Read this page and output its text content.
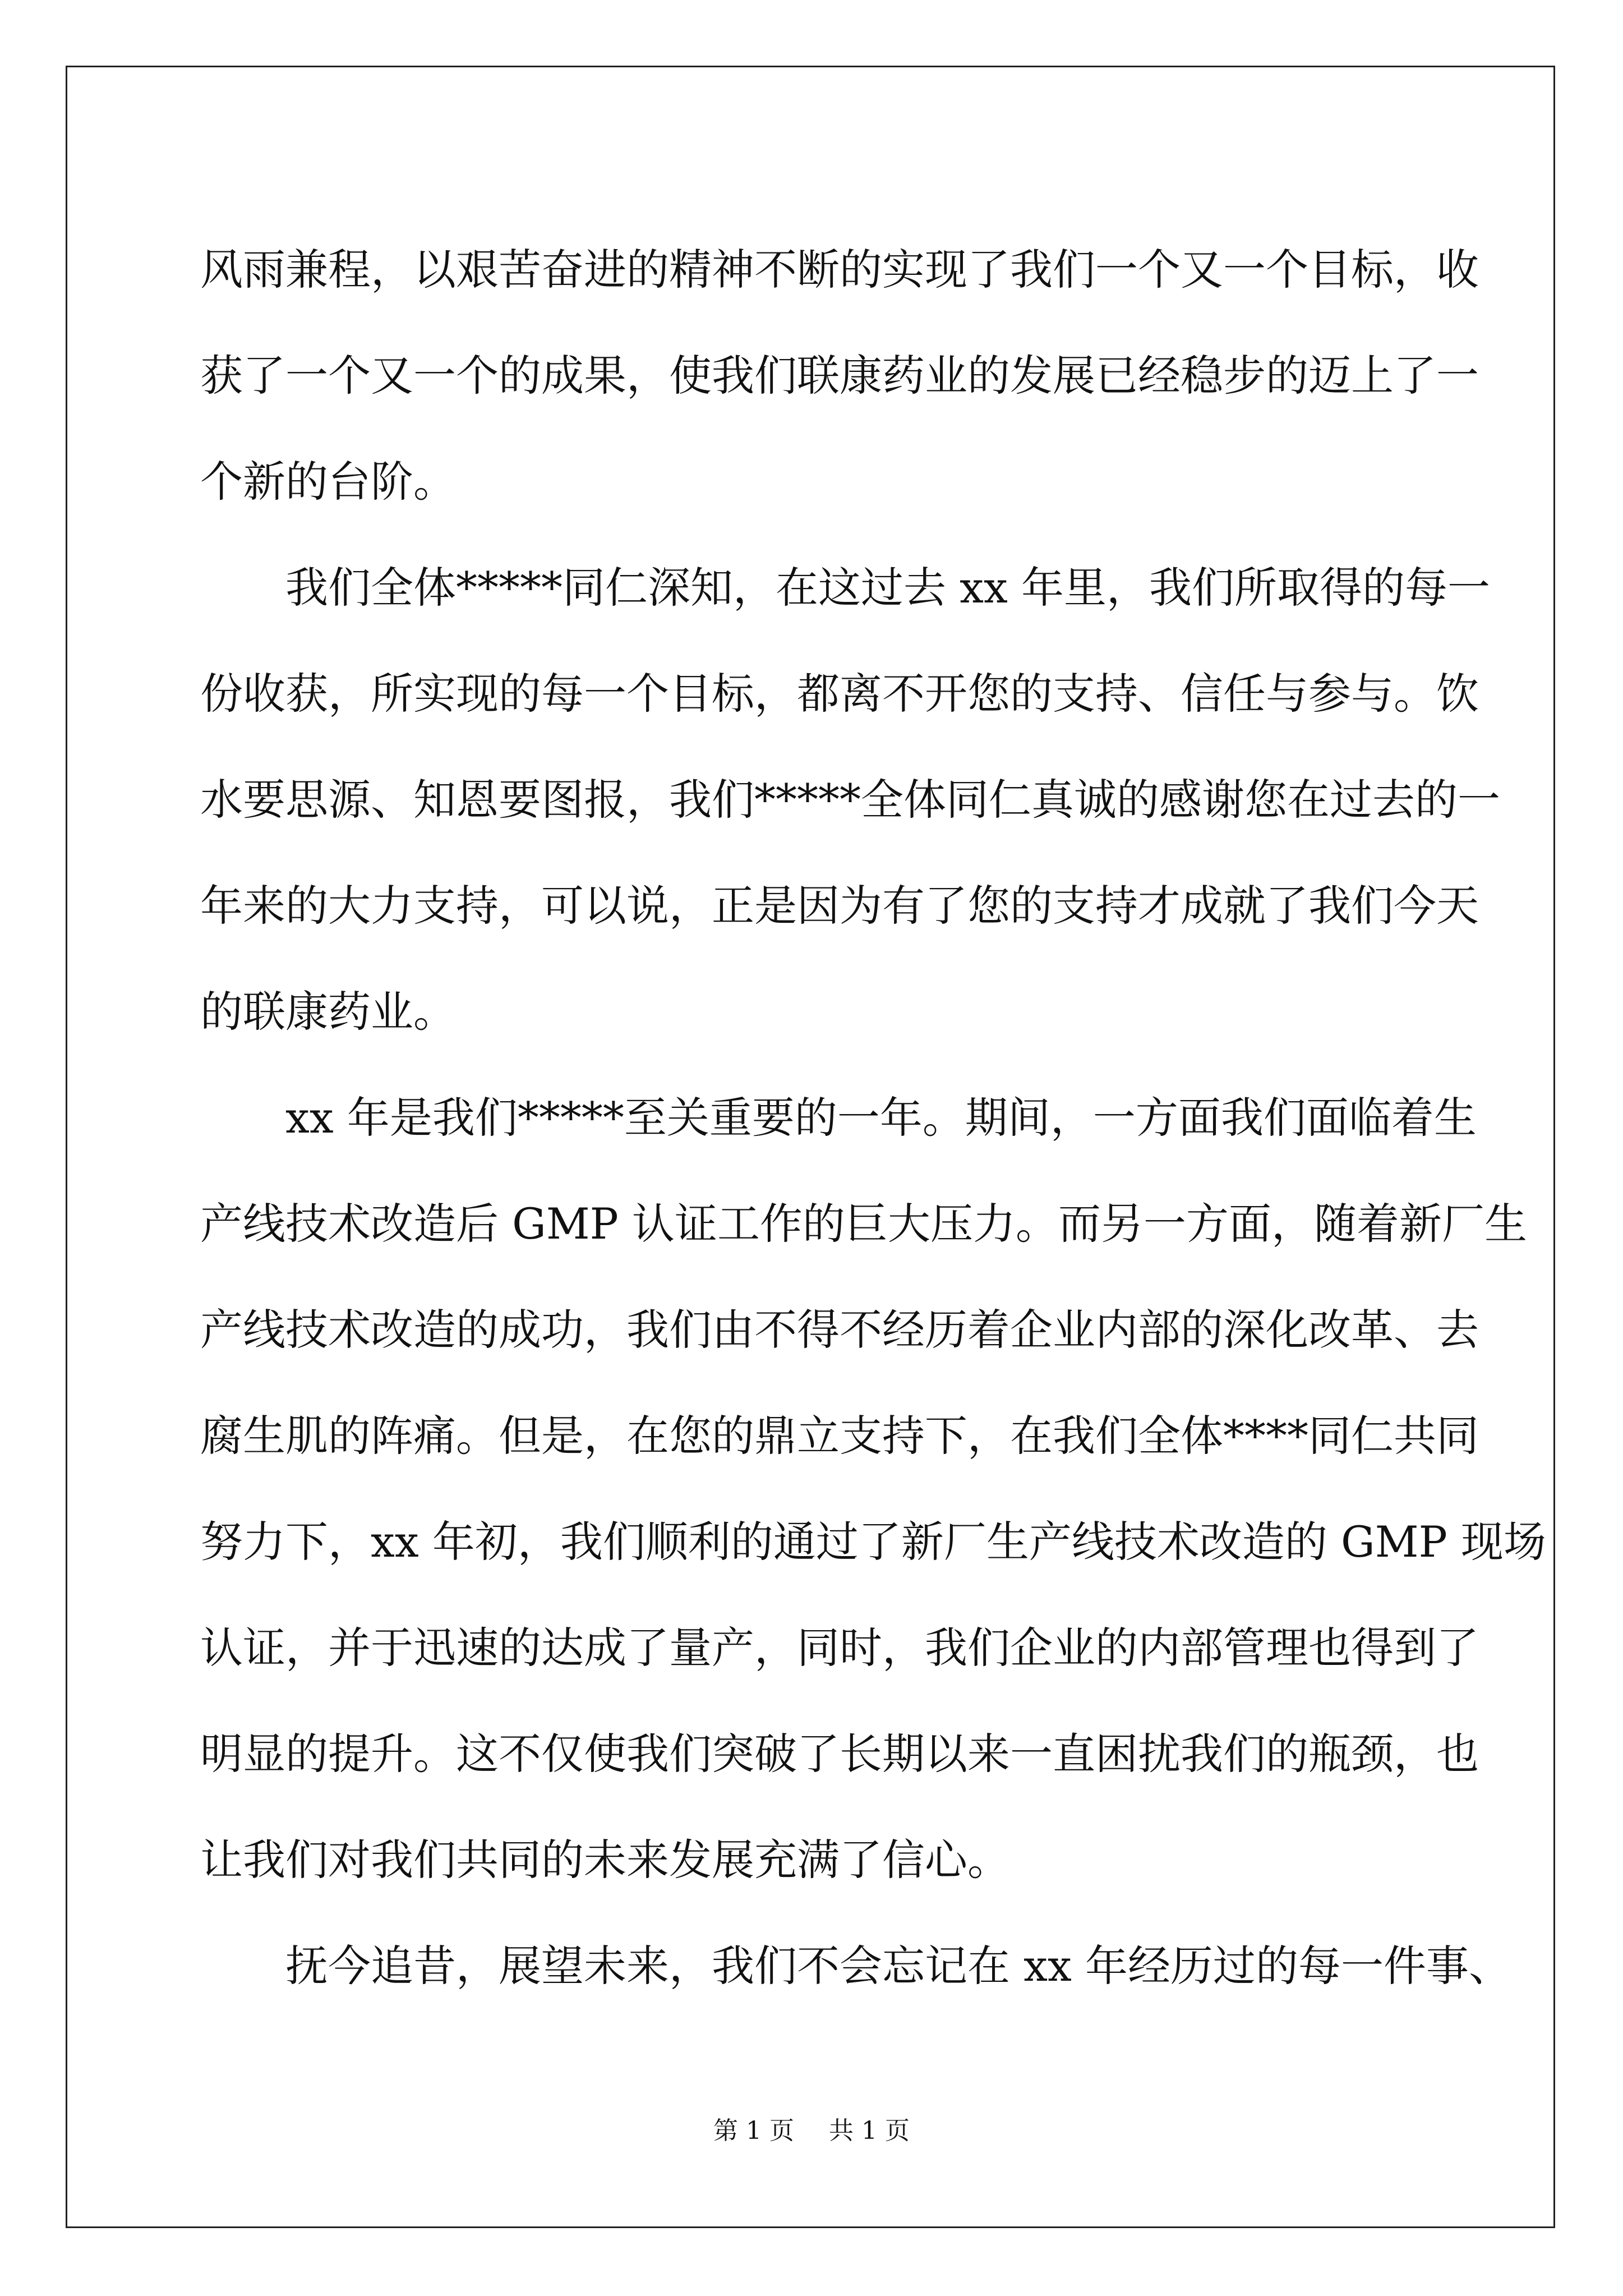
风雨兼程，以艰苦奋进的精神不断的实现了我们一个又一个目标，收
获了一个又一个的成果，使我们联康药业的发展已经稳步的迈上了一
个新的台阶。

我们全体*****同仁深知，在这过去 xx 年里，我们所取得的每一
份收获，所实现的每一个目标，都离不开您的支持、信任与参与。饮
水要思源、知恩要图报，我们*****全体同仁真诚的感谢您在过去的一
年来的大力支持，可以说，正是因为有了您的支持才成就了我们今天
的联康药业。

xx 年是我们*****至关重要的一年。期间，一方面我们面临着生
产线技术改造后 GMP 认证工作的巨大压力。而另一方面，随着新厂生
产线技术改造的成功，我们由不得不经历着企业内部的深化改革、去
腐生肌的阵痛。但是，在您的鼎立支持下，在我们全体****同仁共同
努力下，xx 年初，我们顺利的通过了新厂生产线技术改造的 GMP 现场
认证，并于迅速的达成了量产，同时，我们企业的内部管理也得到了
明显的提升。这不仅使我们突破了长期以来一直困扰我们的瓶颈，也
让我们对我们共同的未来发展充满了信心。

抚今追昔，展望未来，我们不会忘记在 xx 年经历过的每一件事、

第 1 页 共 1 页
